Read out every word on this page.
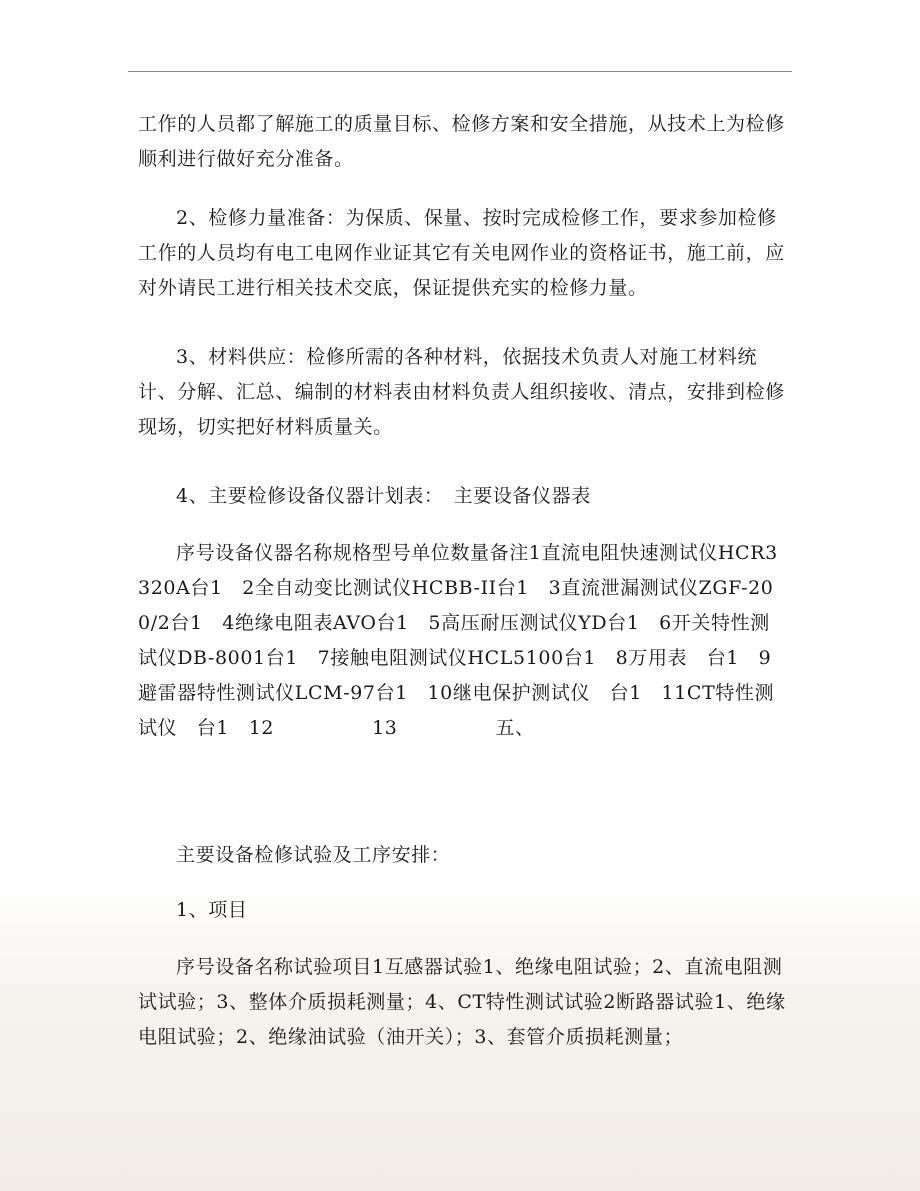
工作的人员都了解施工的质量目标、检修方案和安全措施，从技术上为检修顺利进行做好充分准备。

2、检修力量准备：为保质、保量、按时完成检修工作，要求参加检修工作的人员均有电工电网作业证其它有关电网作业的资格证书，施工前，应对外请民工进行相关技术交底，保证提供充实的检修力量。

3、材料供应：检修所需的各种材料，依据技术负责人对施工材料统计、分解、汇总、编制的材料表由材料负责人组织接收、清点，安排到检修现场，切实把好材料质量关。

4、主要检修设备仪器计划表：　主要设备仪器表

序号设备仪器名称规格型号单位数量备注1直流电阻快速测试仪HCR3320A台1　2全自动变比测试仪HCBB-II台1　3直流泄漏测试仪ZGF-200/2台1　4绝缘电阻表AVO台1　5高压耐压测试仪YD台1　6开关特性测试仪DB-8001台1　7接触电阻测试仪HCL5100台1　8万用表　台1　9避雷器特性测试仪LCM-97台1　10继电保护测试仪　台1　11CT特性测试仪　台1　12　　　　　13　　　　　五、

主要设备检修试验及工序安排：

1、项目

序号设备名称试验项目1互感器试验1、绝缘电阻试验；2、直流电阻测试试验；3、整体介质损耗测量；4、CT特性测试试验2断路器试验1、绝缘电阻试验；2、绝缘油试验（油开关）；3、套管介质损耗测量；
